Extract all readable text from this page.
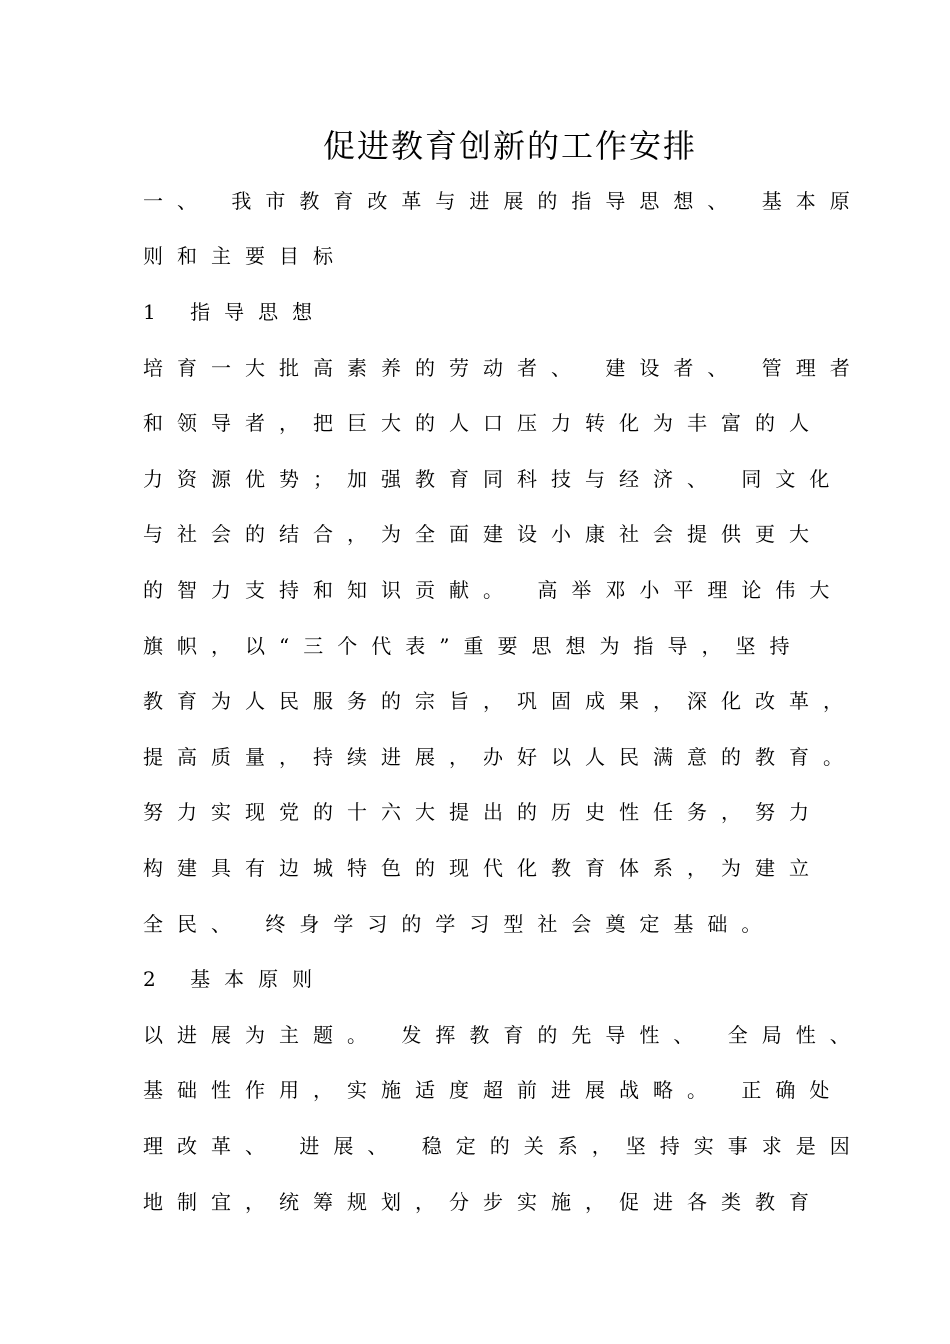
促进教育创新的工作安排
一、 我市教育改革与进展的指导思想、 基本原
则和主要目标
1 指导思想
培育一大批高素养的劳动者、 建设者、 管理者
和领导者，把巨大的人口压力转化为丰富的人
力资源优势；加强教育同科技与经济、 同文化
与社会的结合，为全面建设小康社会提供更大
的智力支持和知识贡献。 高举邓小平理论伟大
旗帜，以“三个代表”重要思想为指导，坚持
教育为人民服务的宗旨，巩固成果，深化改革，
提高质量，持续进展，办好以人民满意的教育。
努力实现党的十六大提出的历史性任务，努力
构建具有边城特色的现代化教育体系，为建立
全民、 终身学习的学习型社会奠定基础。
2 基本原则
以进展为主题。 发挥教育的先导性、 全局性、
基础性作用，实施适度超前进展战略。 正确处
理改革、 进展、 稳定的关系，坚持实事求是因
地制宜，统筹规划，分步实施，促进各类教育
